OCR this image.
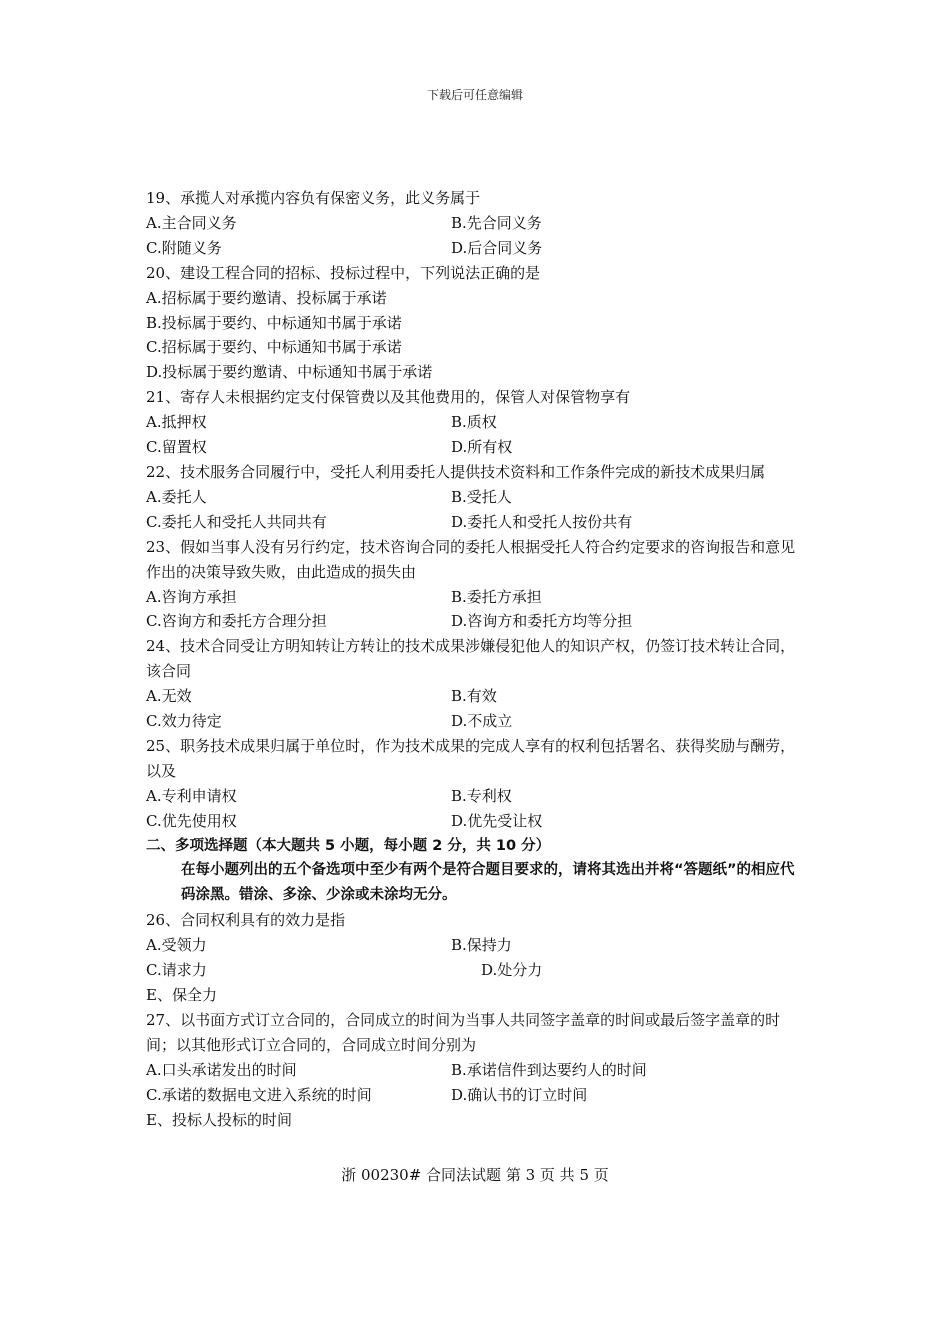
下载后可任意编辑
19、承揽人对承揽内容负有保密义务，此义务属于
A.主合同义务	B.先合同义务
C.附随义务	D.后合同义务
20、建设工程合同的招标、投标过程中，下列说法正确的是
A.招标属于要约邀请、投标属于承诺
B.投标属于要约、中标通知书属于承诺
C.招标属于要约、中标通知书属于承诺
D.投标属于要约邀请、中标通知书属于承诺
21、寄存人未根据约定支付保管费以及其他费用的，保管人对保管物享有
A.抵押权	B.质权
C.留置权	D.所有权
22、技术服务合同履行中，受托人利用委托人提供技术资料和工作条件完成的新技术成果归属
A.委托人	B.受托人
C.委托人和受托人共同共有	D.委托人和受托人按份共有
23、假如当事人没有另行约定，技术咨询合同的委托人根据受托人符合约定要求的咨询报告和意见作出的决策导致失败，由此造成的损失由
A.咨询方承担	B.委托方承担
C.咨询方和委托方合理分担	D.咨询方和委托方均等分担
24、技术合同受让方明知转让方转让的技术成果涉嫌侵犯他人的知识产权，仍签订技术转让合同，该合同
A.无效	B.有效
C.效力待定	D.不成立
25、职务技术成果归属于单位时，作为技术成果的完成人享有的权利包括署名、获得奖励与酬劳，以及
A.专利申请权	B.专利权
C.优先使用权	D.优先受让权
二、多项选择题（本大题共 5 小题，每小题 2 分，共 10 分）
在每小题列出的五个备选项中至少有两个是符合题目要求的，请将其选出并将“答题纸”的相应代码涂黑。错涂、多涂、少涂或未涂均无分。
26、合同权利具有的效力是指
A.受领力	B.保持力
C.请求力	D.处分力
E、保全力
27、以书面方式订立合同的，合同成立的时间为当事人共同签字盖章的时间或最后签字盖章的时间；以其他形式订立合同的，合同成立时间分别为
A.口头承诺发出的时间	B.承诺信件到达要约人的时间
C.承诺的数据电文进入系统的时间	D.确认书的订立时间
E、投标人投标的时间
浙 00230# 合同法试题 第 3 页 共 5 页
